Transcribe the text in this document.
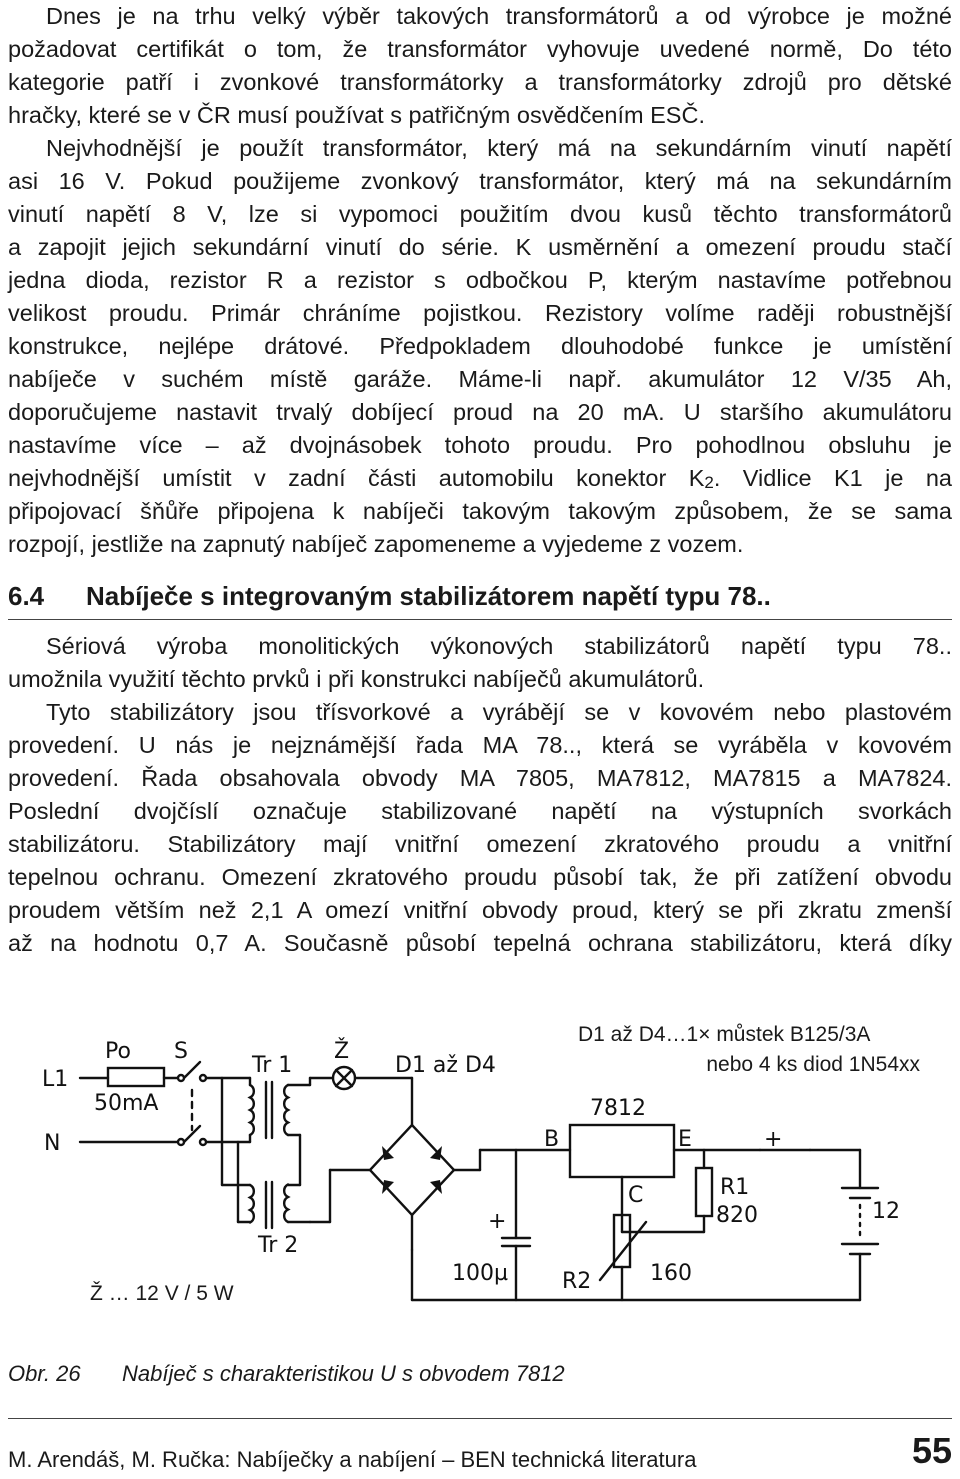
Dnes je na trhu velký výběr takových transformátorů a od výrobce je možné
požadovat certifikát o tom, že transformátor vyhovuje uvedené normě, Do této
kategorie patří i zvonkové transformátorky a transformátorky zdrojů pro dětské
hračky, které se v ČR musí používat s patřičným osvědčením ESČ.
Nejvhodnější je použít transformátor, který má na sekundárním vinutí napětí
asi 16 V. Pokud použijeme zvonkový transformátor, který má na sekundárním
vinutí napětí 8 V, lze si vypomoci použitím dvou kusů těchto transformátorů
a zapojit jejich sekundární vinutí do série. K usměrnění a omezení proudu stačí
jedna dioda, rezistor R a rezistor s odbočkou P, kterým nastavíme potřebnou
velikost proudu. Primár chráníme pojistkou. Rezistory volíme raději robustnější
konstrukce, nejlépe drátové. Předpokladem dlouhodobé funkce je umístění
nabíječe v suchém místě garáže. Máme-li např. akumulátor 12 V/35 Ah,
doporučujeme nastavit trvalý dobíjecí proud na 20 mA. U staršího akumulátoru
nastavíme více – až dvojnásobek tohoto proudu. Pro pohodlnou obsluhu je
nejvhodnější umístit v zadní části automobilu konektor K2. Vidlice K1 je na
připojovací šňůře připojena k nabíječi takovým takovým způsobem, že se sama
rozpojí, jestliže na zapnutý nabíječ zapomeneme a vyjedeme z vozem.
6.4 Nabíječe s integrovaným stabilizátorem napětí typu 78..
Sériová výroba monolitických výkonových stabilizátorů napětí typu 78..
umožnila využití těchto prvků i při konstrukci nabíječů akumulátorů.
Tyto stabilizátory jsou třísvorkové a vyrábějí se v kovovém nebo plastovém
provedení. U nás je nejznámější řada MA 78.., která se vyráběla v kovovém
provedení. Řada obsahovala obvody MA 7805, MA7812, MA7815 a MA7824.
Poslední dvojčíslí označuje stabilizované napětí na výstupních svorkách
stabilizátoru. Stabilizátory mají vnitřní omezení zkratového proudu a vnitřní
tepelnou ochranu. Omezení zkratového proudu působí tak, že při zatížení obvodu
proudem větším než 2,1 A omezí vnitřní obvody proud, který se při zkratu zmenší
až na hodnotu 0,7 A. Současně působí tepelná ochrana stabilizátoru, která díky
D1 až D4…1× můstek B125/3A
nebo 4 ks diod 1N54xx
Ž … 12 V / 5 W
L1
N
Po S
50mA
Tr 1
Tr 2
Ž
D1 až D4
7812
B	E
C
+
+
R1
820
R2	160
100µ
12
Obr. 26 Nabíječ s charakteristikou U s obvodem 7812
M. Arendáš, M. Ručka: Nabíječky a nabíjení – BEN technická literatura	55
